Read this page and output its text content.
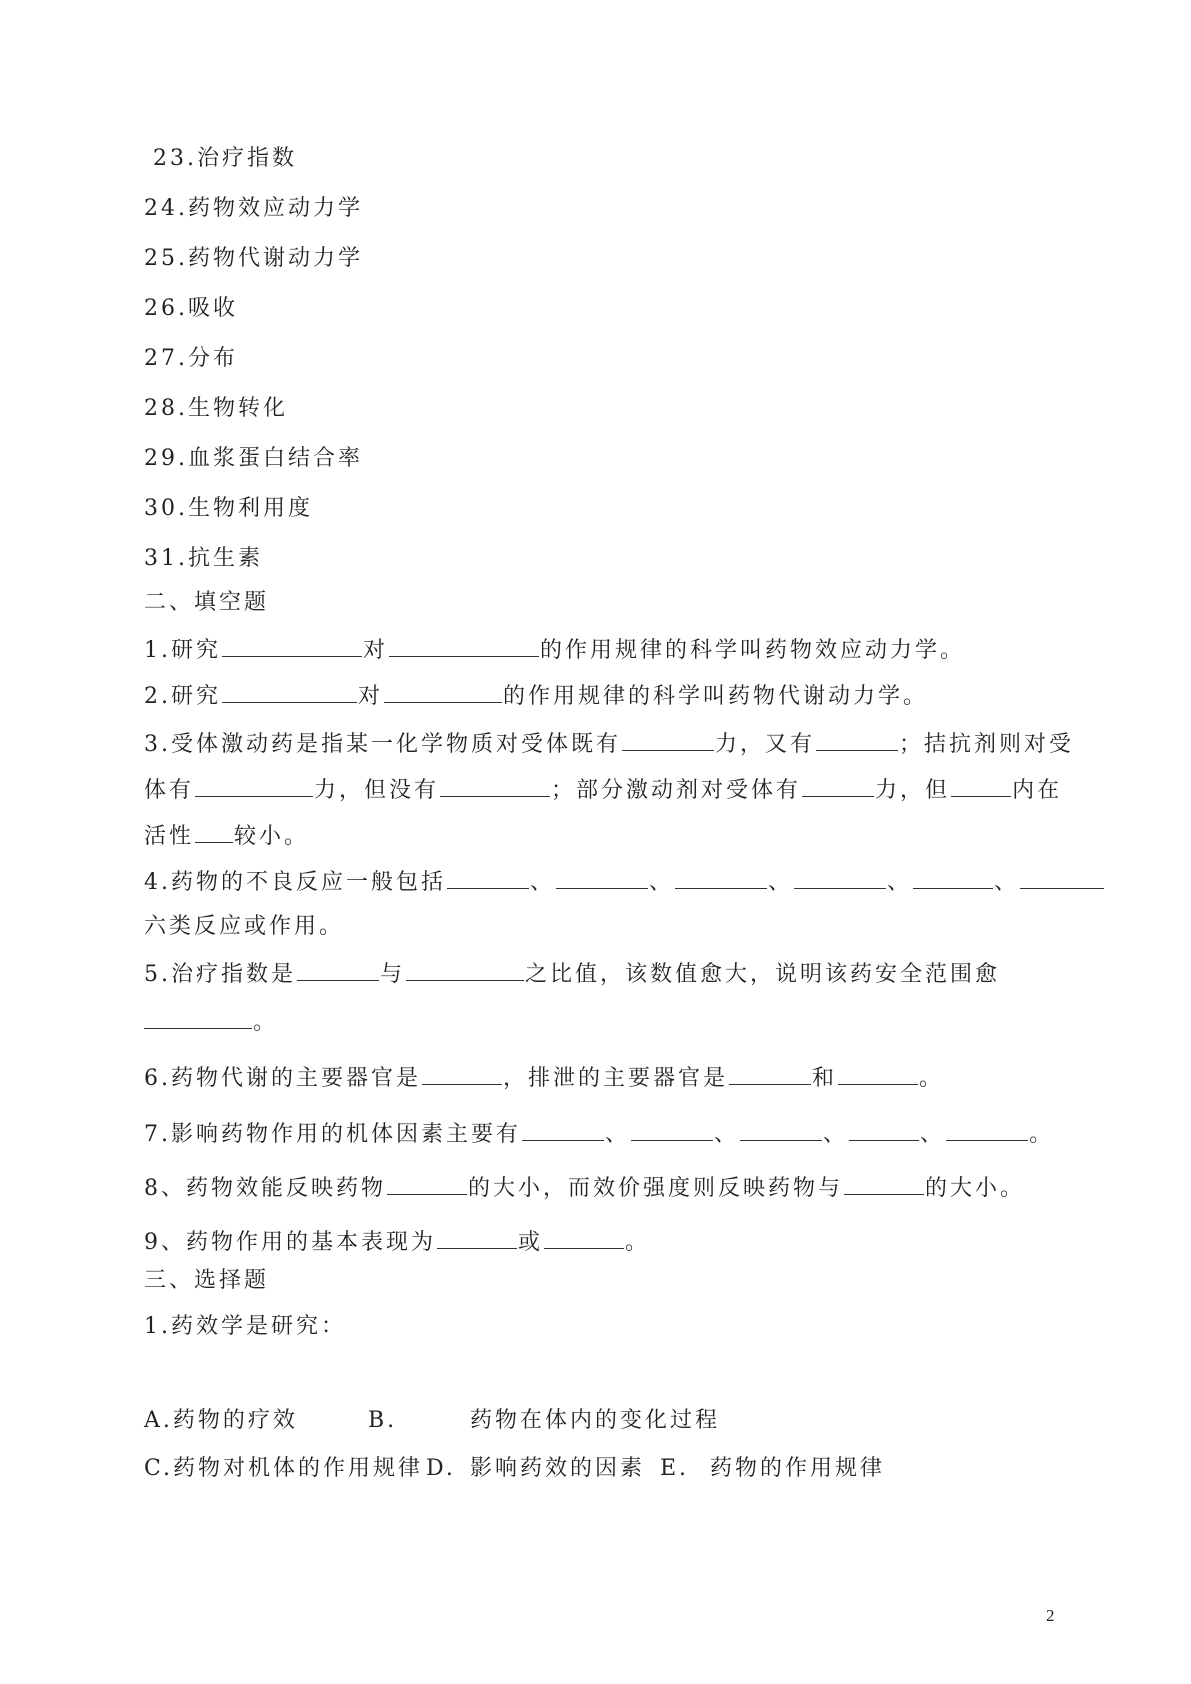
23.治疗指数
24.药物效应动力学
25.药物代谢动力学
26.吸收
27.分布
28.生物转化
29.血浆蛋白结合率
30.生物利用度
31.抗生素
二、填空题
1.研究	对	的作用规律的科学叫药物效应动力学。
2.研究	对	的作用规律的科学叫药物代谢动力学。
3.受体激动药是指某一化学物质对受体既有	力，又有	；拮抗剂则对受
体有	力，但没有	；部分激动剂对受体有	力，但	内在
活性 较小。
4.药物的不良反应一般包括	、	、	、	、	、
六类反应或作用。
5.治疗指数是	与	之比值，该数值愈大，说明该药安全范围愈
。
6.药物代谢的主要器官是	，排泄的主要器官是	和	。
7.影响药物作用的机体因素主要有	、	、	、	、	。
8、药物效能反映药物	的大小，而效价强度则反映药物与	的大小。
9、药物作用的基本表现为	或	。
三、选择题
1.药效学是研究：
A.药物的疗效	B.	药物在体内的变化过程
C.药物对机体的作用规律 D. 影响药效的因素 E. 药物的作用规律
2
